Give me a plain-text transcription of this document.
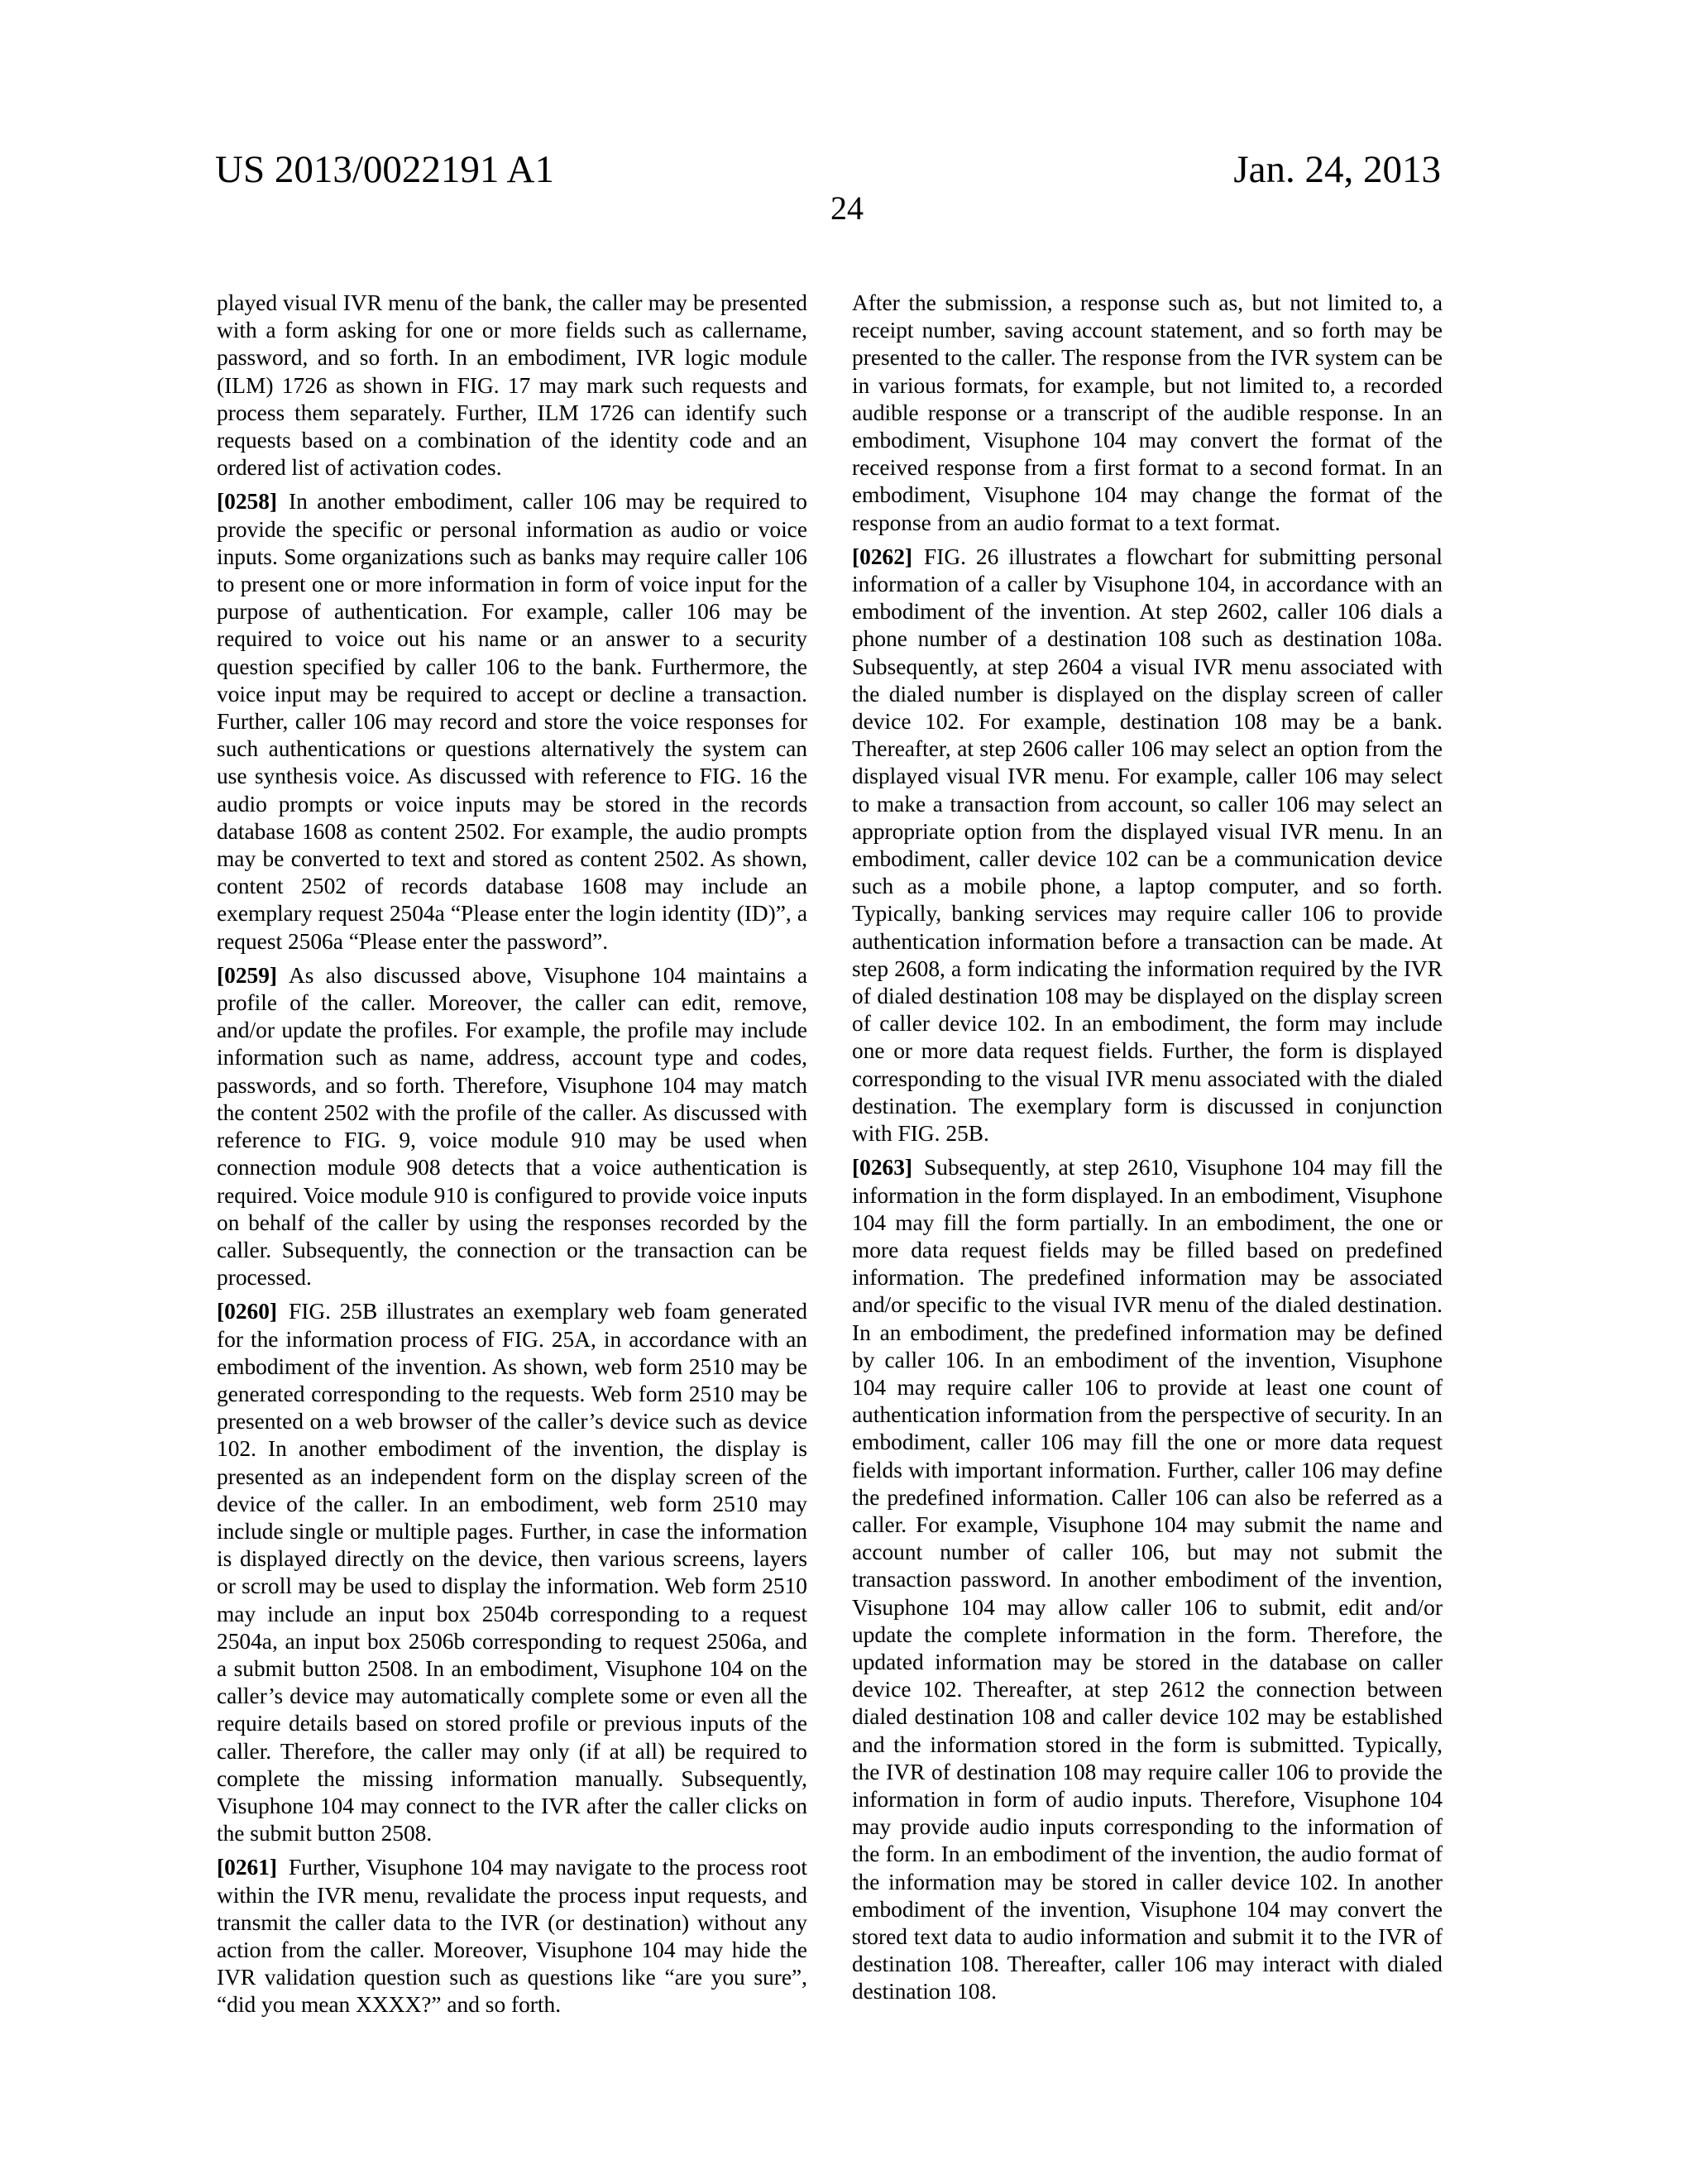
US 2013/0022191 A1	Jan. 24, 2013
24

played visual IVR menu of the bank, the caller may be presented with a form asking for one or more fields such as callername, password, and so forth. In an embodiment, IVR logic module (ILM) 1726 as shown in FIG. 17 may mark such requests and process them separately. Further, ILM 1726 can identify such requests based on a combination of the identity code and an ordered list of activation codes.

[0258] In another embodiment, caller 106 may be required to provide the specific or personal information as audio or voice inputs. Some organizations such as banks may require caller 106 to present one or more information in form of voice input for the purpose of authentication. For example, caller 106 may be required to voice out his name or an answer to a security question specified by caller 106 to the bank. Furthermore, the voice input may be required to accept or decline a transaction. Further, caller 106 may record and store the voice responses for such authentications or questions alternatively the system can use synthesis voice. As discussed with reference to FIG. 16 the audio prompts or voice inputs may be stored in the records database 1608 as content 2502. For example, the audio prompts may be converted to text and stored as content 2502. As shown, content 2502 of records database 1608 may include an exemplary request 2504a “Please enter the login identity (ID)”, a request 2506a “Please enter the password”.

[0259] As also discussed above, Visuphone 104 maintains a profile of the caller. Moreover, the caller can edit, remove, and/or update the profiles. For example, the profile may include information such as name, address, account type and codes, passwords, and so forth. Therefore, Visuphone 104 may match the content 2502 with the profile of the caller. As discussed with reference to FIG. 9, voice module 910 may be used when connection module 908 detects that a voice authentication is required. Voice module 910 is configured to provide voice inputs on behalf of the caller by using the responses recorded by the caller. Subsequently, the connection or the transaction can be processed.

[0260] FIG. 25B illustrates an exemplary web foam generated for the information process of FIG. 25A, in accordance with an embodiment of the invention. As shown, web form 2510 may be generated corresponding to the requests. Web form 2510 may be presented on a web browser of the caller’s device such as device 102. In another embodiment of the invention, the display is presented as an independent form on the display screen of the device of the caller. In an embodiment, web form 2510 may include single or multiple pages. Further, in case the information is displayed directly on the device, then various screens, layers or scroll may be used to display the information. Web form 2510 may include an input box 2504b corresponding to a request 2504a, an input box 2506b corresponding to request 2506a, and a submit button 2508. In an embodiment, Visuphone 104 on the caller’s device may automatically complete some or even all the require details based on stored profile or previous inputs of the caller. Therefore, the caller may only (if at all) be required to complete the missing information manually. Subsequently, Visuphone 104 may connect to the IVR after the caller clicks on the submit button 2508.

[0261] Further, Visuphone 104 may navigate to the process root within the IVR menu, revalidate the process input requests, and transmit the caller data to the IVR (or destination) without any action from the caller. Moreover, Visuphone 104 may hide the IVR validation question such as questions like “are you sure”, “did you mean XXXX?” and so forth.

After the submission, a response such as, but not limited to, a receipt number, saving account statement, and so forth may be presented to the caller. The response from the IVR system can be in various formats, for example, but not limited to, a recorded audible response or a transcript of the audible response. In an embodiment, Visuphone 104 may convert the format of the received response from a first format to a second format. In an embodiment, Visuphone 104 may change the format of the response from an audio format to a text format.

[0262] FIG. 26 illustrates a flowchart for submitting personal information of a caller by Visuphone 104, in accordance with an embodiment of the invention. At step 2602, caller 106 dials a phone number of a destination 108 such as destination 108a. Subsequently, at step 2604 a visual IVR menu associated with the dialed number is displayed on the display screen of caller device 102. For example, destination 108 may be a bank. Thereafter, at step 2606 caller 106 may select an option from the displayed visual IVR menu. For example, caller 106 may select to make a transaction from account, so caller 106 may select an appropriate option from the displayed visual IVR menu. In an embodiment, caller device 102 can be a communication device such as a mobile phone, a laptop computer, and so forth. Typically, banking services may require caller 106 to provide authentication information before a transaction can be made. At step 2608, a form indicating the information required by the IVR of dialed destination 108 may be displayed on the display screen of caller device 102. In an embodiment, the form may include one or more data request fields. Further, the form is displayed corresponding to the visual IVR menu associated with the dialed destination. The exemplary form is discussed in conjunction with FIG. 25B.

[0263] Subsequently, at step 2610, Visuphone 104 may fill the information in the form displayed. In an embodiment, Visuphone 104 may fill the form partially. In an embodiment, the one or more data request fields may be filled based on predefined information. The predefined information may be associated and/or specific to the visual IVR menu of the dialed destination. In an embodiment, the predefined information may be defined by caller 106. In an embodiment of the invention, Visuphone 104 may require caller 106 to provide at least one count of authentication information from the perspective of security. In an embodiment, caller 106 may fill the one or more data request fields with important information. Further, caller 106 may define the predefined information. Caller 106 can also be referred as a caller. For example, Visuphone 104 may submit the name and account number of caller 106, but may not submit the transaction password. In another embodiment of the invention, Visuphone 104 may allow caller 106 to submit, edit and/or update the complete information in the form. Therefore, the updated information may be stored in the database on caller device 102. Thereafter, at step 2612 the connection between dialed destination 108 and caller device 102 may be established and the information stored in the form is submitted. Typically, the IVR of destination 108 may require caller 106 to provide the information in form of audio inputs. Therefore, Visuphone 104 may provide audio inputs corresponding to the information of the form. In an embodiment of the invention, the audio format of the information may be stored in caller device 102. In another embodiment of the invention, Visuphone 104 may convert the stored text data to audio information and submit it to the IVR of destination 108. Thereafter, caller 106 may interact with dialed destination 108.
